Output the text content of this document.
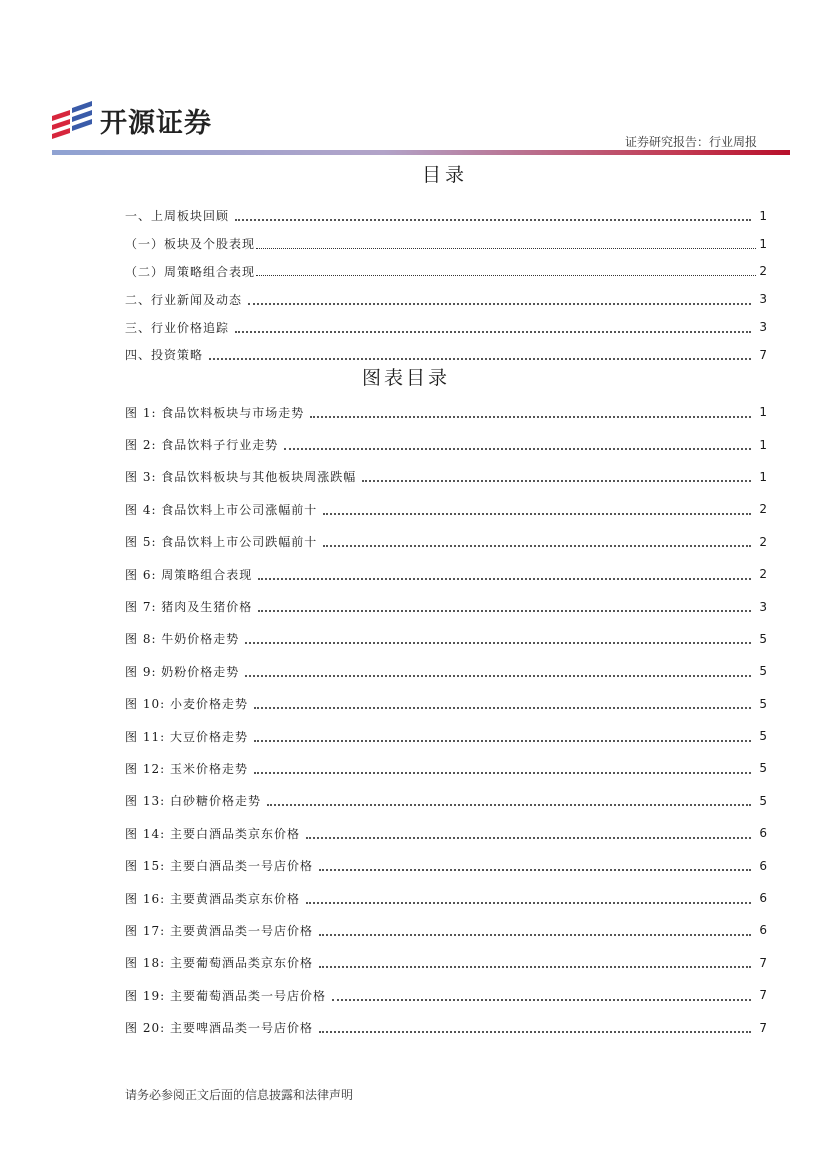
开源证券
证券研究报告：行业周报
目录
一、上周板块回顾	1
（一）板块及个股表现	1
（二）周策略组合表现	2
二、行业新闻及动态	3
三、行业价格追踪	3
四、投资策略	7
图表目录
图 1: 食品饮料板块与市场走势	1
图 2: 食品饮料子行业走势	1
图 3: 食品饮料板块与其他板块周涨跌幅	1
图 4: 食品饮料上市公司涨幅前十	2
图 5: 食品饮料上市公司跌幅前十	2
图 6: 周策略组合表现	2
图 7: 猪肉及生猪价格	3
图 8: 牛奶价格走势	5
图 9: 奶粉价格走势	5
图 10: 小麦价格走势	5
图 11: 大豆价格走势	5
图 12: 玉米价格走势	5
图 13: 白砂糖价格走势	5
图 14: 主要白酒品类京东价格	6
图 15: 主要白酒品类一号店价格	6
图 16: 主要黄酒品类京东价格	6
图 17: 主要黄酒品类一号店价格	6
图 18: 主要葡萄酒品类京东价格	7
图 19: 主要葡萄酒品类一号店价格	7
图 20: 主要啤酒品类一号店价格	7
请务必参阅正文后面的信息披露和法律声明
